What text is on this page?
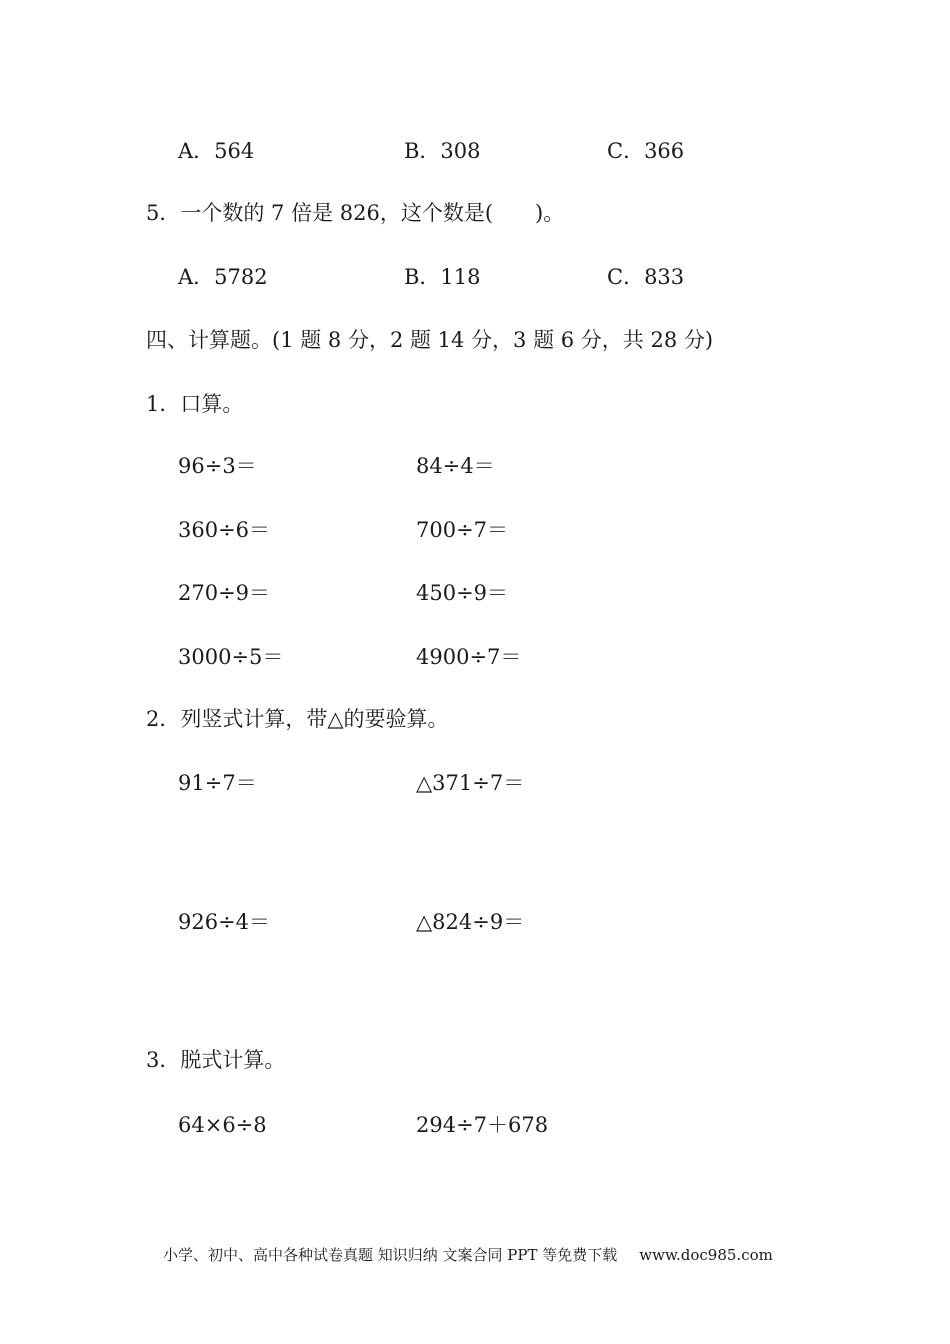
A．564	B．308	C．366
5．一个数的 7 倍是 826，这个数是(　　)。
A．5782	B．118	C．833
四、计算题。(1 题 8 分，2 题 14 分，3 题 6 分，共 28 分)
1．口算。
96÷3＝	84÷4＝
360÷6＝	700÷7＝
270÷9＝	450÷9＝
3000÷5＝	4900÷7＝
2．列竖式计算，带△的要验算。
91÷7＝	△371÷7＝
926÷4＝	△824÷9＝
3．脱式计算。
64×6÷8	294÷7＋678
小学、初中、高中各种试卷真题 知识归纳 文案合同 PPT 等免费下载 www.doc985.com
